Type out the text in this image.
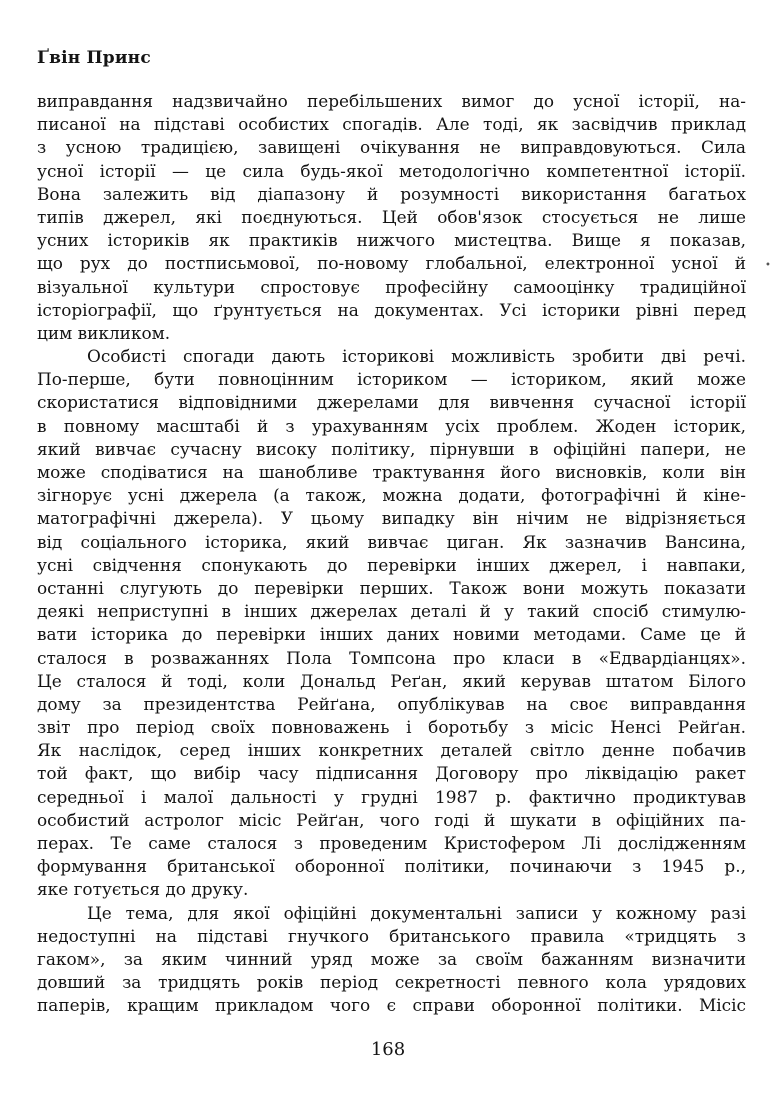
Ґвін Принс
виправдання надзвичайно перебільшених вимог до усної історії, на-
писаної на підставі особистих спогадів. Але тоді, як засвідчив приклад
з усною традицією, завищені очікування не виправдовуються. Сила
усної історії — це сила будь-якої методологічно компетентної історії.
Вона залежить від діапазону й розумності використання багатьох
типів джерел, які поєднуються. Цей обов'язок стосується не лише
усних істориків як практиків нижчого мистецтва. Вище я показав,
що рух до постписьмової, по-новому глобальної, електронної усної й
візуальної культури спростовує професійну самооцінку традиційної
історіографії, що ґрунтується на документах. Усі історики рівні перед
цим викликом.
Особисті спогади дають історикові можливість зробити дві речі.
По-перше, бути повноцінним істориком — істориком, який може
скористатися відповідними джерелами для вивчення сучасної історії
в повному масштабі й з урахуванням усіх проблем. Жоден історик,
який вивчає сучасну високу політику, пірнувши в офіційні папери, не
може сподіватися на шанобливе трактування його висновків, коли він
зігнорує усні джерела (а також, можна додати, фотографічні й кіне-
матографічні джерела). У цьому випадку він нічим не відрізняється
від соціального історика, який вивчає циган. Як зазначив Вансина,
усні свідчення спонукають до перевірки інших джерел, і навпаки,
останні слугують до перевірки перших. Також вони можуть показати
деякі неприступні в інших джерелах деталі й у такий спосіб стимулю-
вати історика до перевірки інших даних новими методами. Саме це й
сталося в розважаннях Пола Томпсона про класи в «Едвардіанцях».
Це сталося й тоді, коли Дональд Реґан, який керував штатом Білого
дому за президентства Рейґана, опублікував на своє виправдання
звіт про період своїх повноважень і боротьбу з місіс Ненсі Рейґан.
Як наслідок, серед інших конкретних деталей світло денне побачив
той факт, що вибір часу підписання Договору про ліквідацію ракет
середньої і малої дальності у грудні 1987 р. фактично продиктував
особистий астролог місіс Рейґан, чого годі й шукати в офіційних па-
перах. Те саме сталося з проведеним Кристофером Лі дослідженням
формування британської оборонної політики, починаючи з 1945 р.,
яке готується до друку.
Це тема, для якої офіційні документальні записи у кожному разі
недоступні на підставі гнучкого британського правила «тридцять з
гаком», за яким чинний уряд може за своїм бажанням визначити
довший за тридцять років період секретності певного кола урядових
паперів, кращим прикладом чого є справи оборонної політики. Місіс
168
•
